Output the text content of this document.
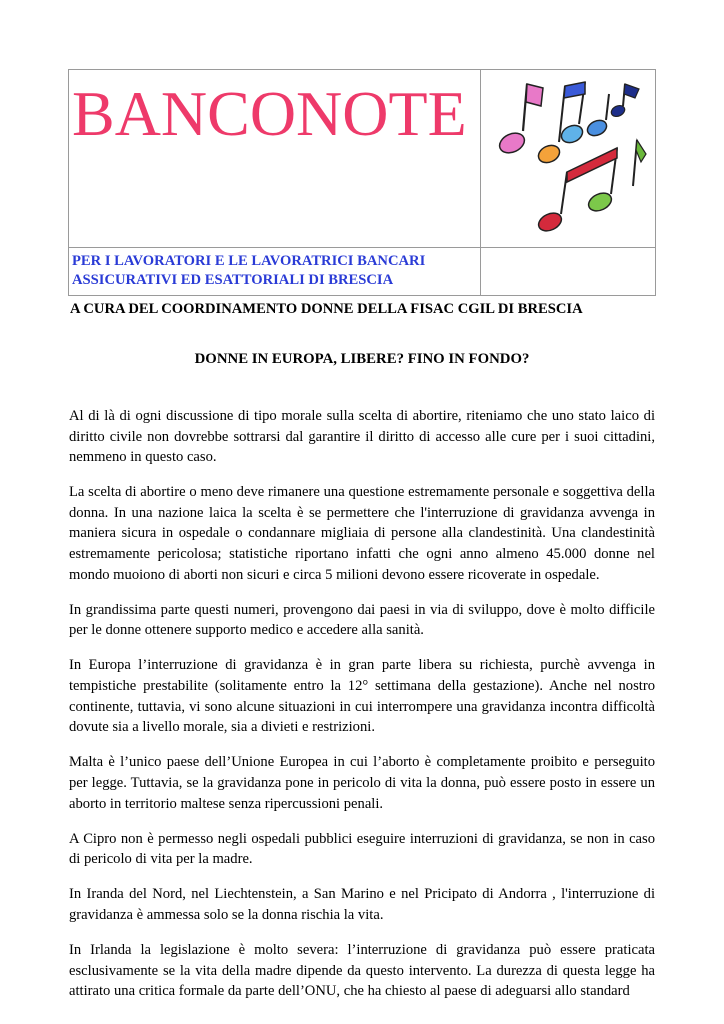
BANCONOTE

PER I LAVORATORI E LE LAVORATRICI BANCARI
ASSICURATIVI ED ESATTORIALI DI BRESCIA	

A CURA DEL COORDINAMENTO DONNE DELLA FISAC CGIL DI BRESCIA
DONNE IN EUROPA, LIBERE? FINO IN FONDO?

Al di là di ogni discussione di tipo morale sulla scelta di abortire, riteniamo che uno stato laico di diritto civile non dovrebbe sottrarsi dal garantire il diritto di accesso alle cure per i suoi cittadini, nemmeno in questo caso.

La scelta di abortire o meno deve rimanere una questione estremamente personale e soggettiva della donna. In una nazione laica la scelta è se permettere che l'interruzione di gravidanza avvenga in maniera sicura in ospedale o condannare migliaia di persone alla clandestinità. Una clandestinità estremamente pericolosa; statistiche riportano infatti che ogni anno almeno 45.000 donne nel mondo muoiono di aborti non sicuri e circa 5 milioni devono essere ricoverate in ospedale.

In grandissima parte questi numeri, provengono dai paesi in via di sviluppo, dove è molto difficile per le donne ottenere supporto medico e accedere alla sanità.

In Europa l’interruzione di gravidanza è in gran parte libera su richiesta, purchè avvenga in tempistiche prestabilite (solitamente entro la 12° settimana della gestazione). Anche nel nostro continente, tuttavia, vi sono alcune situazioni in cui interrompere una gravidanza incontra difficoltà dovute sia a livello morale, sia a divieti e restrizioni.

Malta è l’unico paese dell’Unione Europea in cui l’aborto è completamente proibito e perseguito per legge. Tuttavia, se la gravidanza pone in pericolo di vita la donna, può essere posto in essere un aborto in territorio maltese senza ripercussioni penali.

A Cipro non è permesso negli ospedali pubblici eseguire interruzioni di gravidanza, se non in caso di pericolo di vita per la madre.

In Iranda del Nord, nel Liechtenstein, a San Marino e nel Pricipato di Andorra , l'interruzione di gravidanza è ammessa solo se la donna rischia la vita.

In Irlanda la legislazione è molto severa: l’interruzione di gravidanza può essere praticata esclusivamente se la vita della madre dipende da questo intervento. La durezza di questa legge ha attirato una critica formale da parte dell’ONU, che ha chiesto al paese di adeguarsi allo standard
